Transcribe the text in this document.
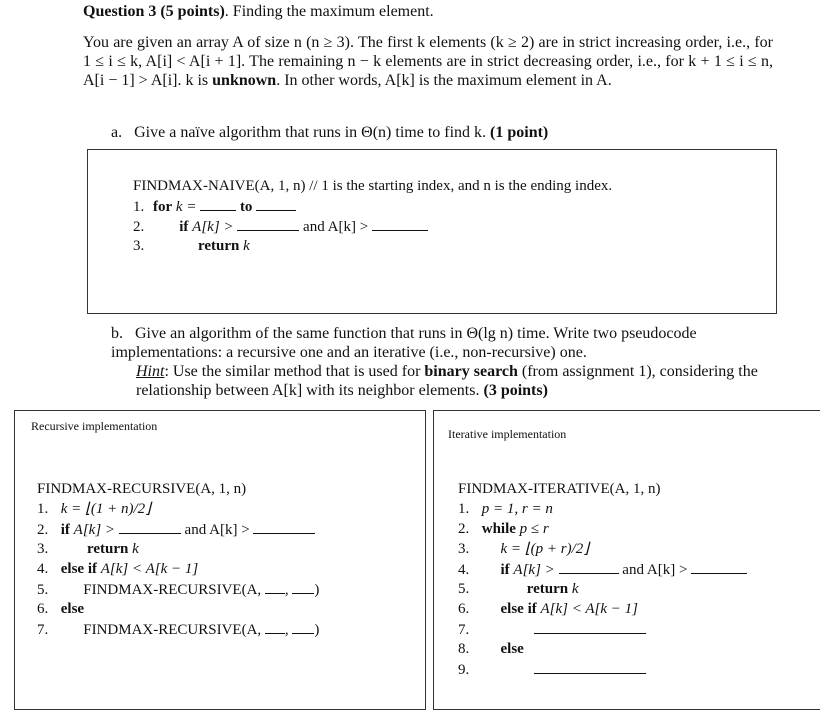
Question 3 (5 points). Finding the maximum element.
You are given an array A of size n (n ≥ 3). The first k elements (k ≥ 2) are in strict increasing order, i.e., for 1 ≤ i ≤ k, A[i] < A[i + 1]. The remaining n − k elements are in strict decreasing order, i.e., for k + 1 ≤ i ≤ n, A[i − 1] > A[i]. k is unknown. In other words, A[k] is the maximum element in A.
a. Give a naïve algorithm that runs in Θ(n) time to find k. (1 point)
FINDMAX-NAIVE(A, 1, n) // 1 is the starting index, and n is the ending index.
1. for k =	to
2. if A[k] >	and A[k] >
3.	return k
b. Give an algorithm of the same function that runs in Θ(lg n) time. Write two pseudocode implementations: a recursive one and an iterative (i.e., non-recursive) one.
Hint: Use the similar method that is used for binary search (from assignment 1), considering the relationship between A[k] with its neighbor elements. (3 points)
Recursive implementation
FINDMAX-RECURSIVE(A, 1, n)
1. k = ⌊(1 + n)/2⌋
2. if A[k] >	and A[k] >
3.	return k
4. else if A[k] < A[k − 1]
5. FINDMAX-RECURSIVE(A, , )
6. else
7. FINDMAX-RECURSIVE(A, , )
Iterative implementation
FINDMAX-ITERATIVE(A, 1, n)
1. p = 1, r = n
2. while p ≤ r
3. k = ⌊(p + r)/2⌋
4. if A[k] >	and A[k] >
5.	return k
6. else if A[k] < A[k − 1]
7.
8. else
9.
